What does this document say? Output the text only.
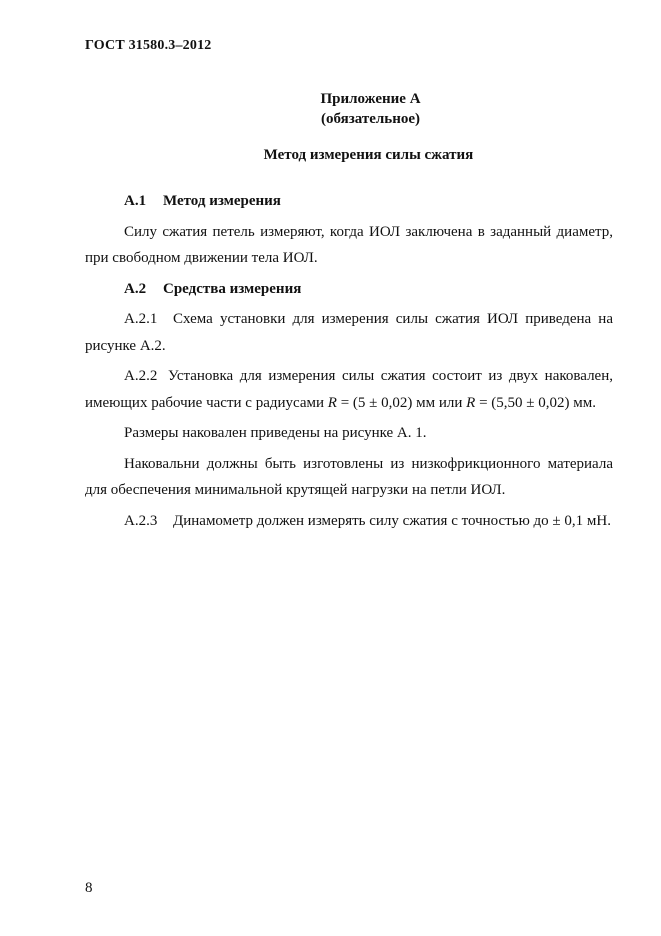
ГОСТ 31580.3–2012
Приложение А
(обязательное)
Метод измерения силы сжатия
А.1 Метод измерения

Силу сжатия петель измеряют, когда ИОЛ заключена в заданный диаметр, при свободном движении тела ИОЛ.

А.2 Средства измерения

А.2.1 Схема установки для измерения силы сжатия ИОЛ приведена на рисунке А.2.

А.2.2 Установка для измерения силы сжатия состоит из двух наковален, имеющих рабочие части с радиусами R = (5 ± 0,02) мм или R = (5,50 ± 0,02) мм.

Размеры наковален приведены на рисунке А. 1.

Наковальни должны быть изготовлены из низкофрикционного материала для обеспечения минимальной крутящей нагрузки на петли ИОЛ.

А.2.3 Динамометр должен измерять силу сжатия с точностью до ± 0,1 мН.

8
